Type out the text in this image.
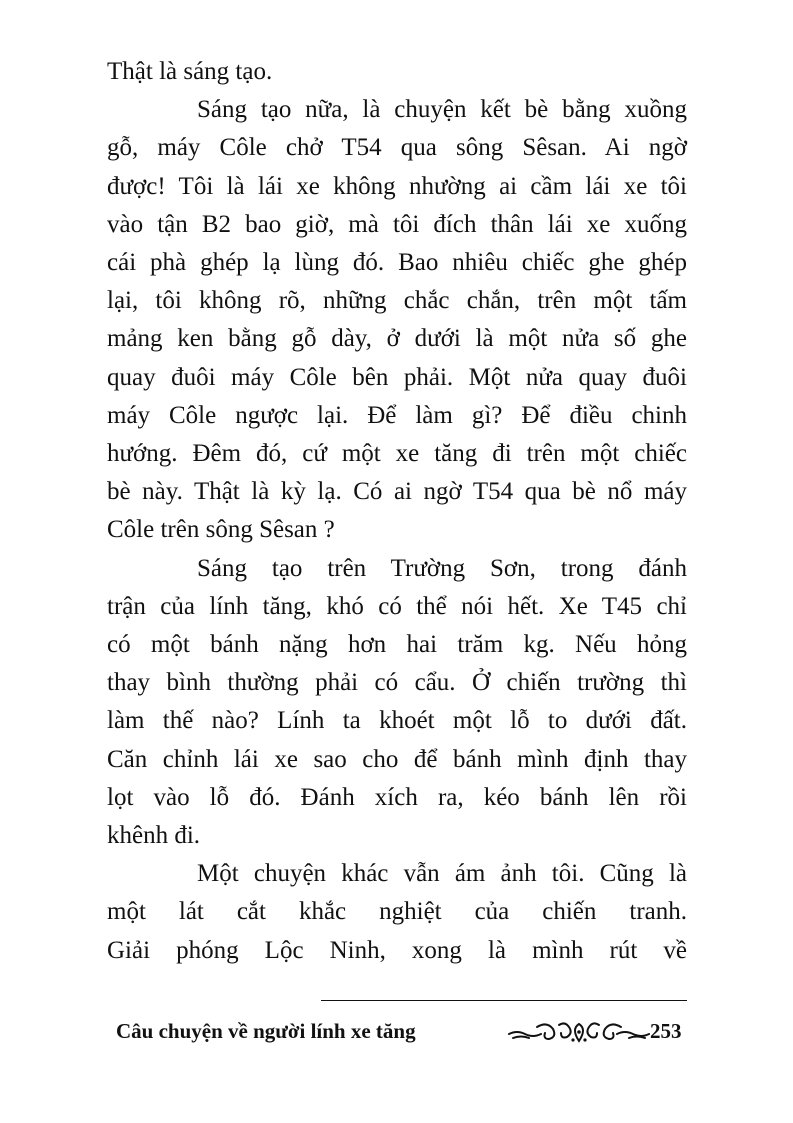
Thật là sáng tạo.
Sáng tạo nữa, là chuyện kết bè bằng xuồng
gỗ, máy Côle chở T54 qua sông Sêsan. Ai ngờ
được! Tôi là lái xe không nhường ai cầm lái xe tôi
vào tận B2 bao giờ, mà tôi đích thân lái xe xuống
cái phà ghép lạ lùng đó. Bao nhiêu chiếc ghe ghép
lại, tôi không rõ, những chắc chắn, trên một tấm
mảng ken bằng gỗ dày, ở dưới là một nửa số ghe
quay đuôi máy Côle bên phải. Một nửa quay đuôi
máy Côle ngược lại. Để làm gì? Để điều chinh
hướng. Đêm đó, cứ một xe tăng đi trên một chiếc
bè này. Thật là kỳ lạ. Có ai ngờ T54 qua bè nổ máy
Côle trên sông Sêsan ?
Sáng tạo trên Trường Sơn, trong đánh
trận của lính tăng, khó có thể nói hết. Xe T45 chỉ
có một bánh nặng hơn hai trăm kg. Nếu hỏng
thay bình thường phải có cẩu. Ở chiến trường thì
làm thế nào? Lính ta khoét một lỗ to dưới đất.
Căn chỉnh lái xe sao cho để bánh mình định thay
lọt vào lỗ đó. Đánh xích ra, kéo bánh lên rồi
khênh đi.
Một chuyện khác vẫn ám ảnh tôi. Cũng là
một lát cắt khắc nghiệt của chiến tranh.
Giải phóng Lộc Ninh, xong là mình rút về
Câu chuyện về người lính xe tăng	253
